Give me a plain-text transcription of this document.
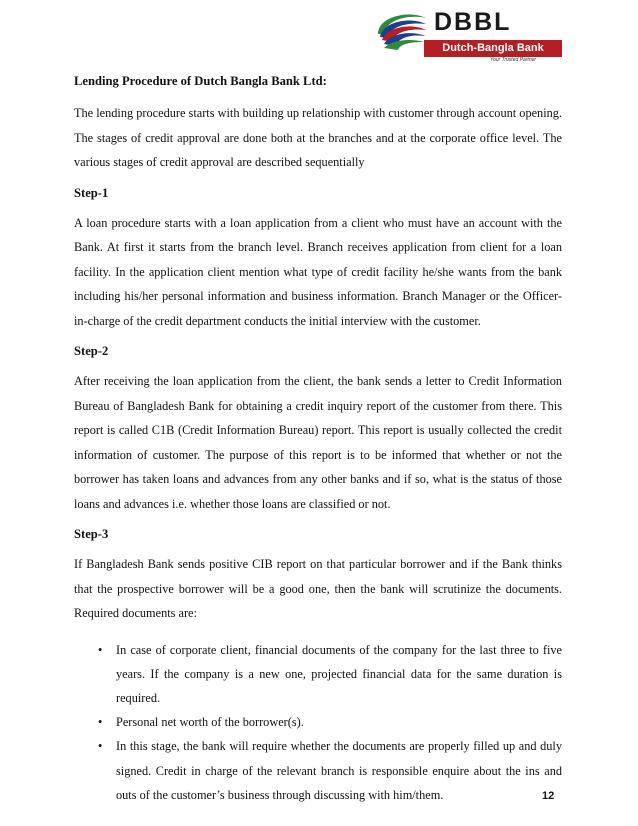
DBBL
Dutch-Bangla Bank
Your Trusted Partner

Lending Procedure of Dutch Bangla Bank Ltd:

The lending procedure starts with building up relationship with customer through account opening. The stages of credit approval are done both at the branches and at the corporate office level. The various stages of credit approval are described sequentially

Step-1

A loan procedure starts with a loan application from a client who must have an account with the Bank. At first it starts from the branch level. Branch receives application from client for a loan facility. In the application client mention what type of credit facility he/she wants from the bank including his/her personal information and business information. Branch Manager or the Officer-in-charge of the credit department conducts the initial interview with the customer.

Step-2

After receiving the loan application from the client, the bank sends a letter to Credit Information Bureau of Bangladesh Bank for obtaining a credit inquiry report of the customer from there. This report is called C1B (Credit Information Bureau) report. This report is usually collected the credit information of customer. The purpose of this report is to be informed that whether or not the borrower has taken loans and advances from any other banks and if so, what is the status of those loans and advances i.e. whether those loans are classified or not.

Step-3

If Bangladesh Bank sends positive CIB report on that particular borrower and if the Bank thinks that the prospective borrower will be a good one, then the bank will scrutinize the documents. Required documents are:

• In case of corporate client, financial documents of the company for the last three to five years. If the company is a new one, projected financial data for the same duration is required.
• Personal net worth of the borrower(s).
• In this stage, the bank will require whether the documents are properly filled up and duly signed. Credit in charge of the relevant branch is responsible enquire about the ins and outs of the customer’s business through discussing with him/them.	12
